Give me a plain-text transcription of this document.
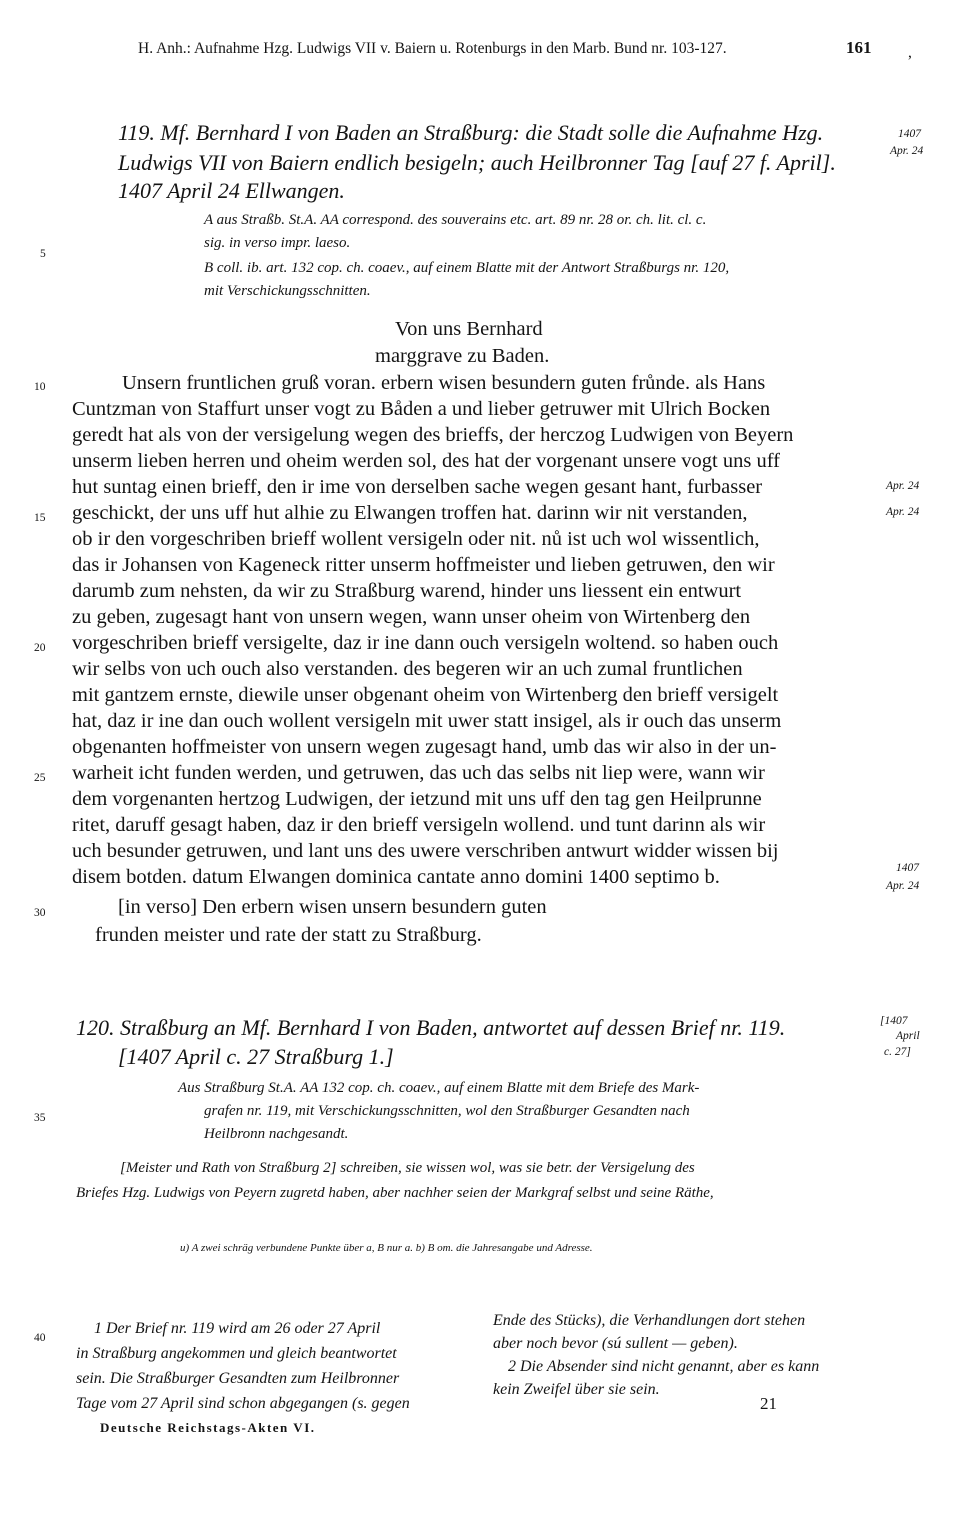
H. Anh.: Aufnahme Hzg. Ludwigs VII v. Baiern u. Rotenburgs in den Marb. Bund nr. 103-127.	161 ,
119. Mf. Bernhard I von Baden an Straßburg: die Stadt solle die Aufnahme Hzg.
Ludwigs VII von Baiern endlich besigeln; auch Heilbronner Tag [auf 27 f. April].
1407 April 24 Ellwangen.
1407
Apr. 24
A aus Straßb. St.A. AA correspond. des souverains etc. art. 89 nr. 28 or. ch. lit. cl. c.
sig. in verso impr. laeso.
B coll. ib. art. 132 cop. ch. coaev., auf einem Blatte mit der Antwort Straßburgs nr. 120,
mit Verschickungsschnitten.
Von uns Bernhard
marggrave zu Baden.
Unsern fruntlichen gruß voran. erbern wisen besundern guten frůnde. als Hans
Cuntzman von Staffurt unser vogt zu Båden a und lieber getruwer mit Ulrich Bocken
geredt hat als von der versigelung wegen des brieffs, der herczog Ludwigen von Beyern
unserm lieben herren und oheim werden sol, des hat der vorgenant unsere vogt uns uff
hut suntag einen brieff, den ir ime von derselben sache wegen gesant hant, furbasser
geschickt, der uns uff hut alhie zu Elwangen troffen hat. darinn wir nit verstanden,
ob ir den vorgeschriben brieff wollent versigeln oder nit. nů ist uch wol wissentlich,
das ir Johansen von Kageneck ritter unserm hoffmeister und lieben getruwen, den wir
darumb zum nehsten, da wir zu Straßburg warend, hinder uns liessent ein entwurt
zu geben, zugesagt hant von unsern wegen, wann unser oheim von Wirtenberg den
vorgeschriben brieff versigelte, daz ir ine dann ouch versigeln woltend. so haben ouch
wir selbs von uch ouch also verstanden. des begeren wir an uch zumal fruntlichen
mit gantzem ernste, diewile unser obgenant oheim von Wirtenberg den brieff versigelt
hat, daz ir ine dan ouch wollent versigeln mit uwer statt insigel, als ir ouch das unserm
obgenanten hoffmeister von unsern wegen zugesagt hand, umb das wir also in der un-
warheit icht funden werden, und getruwen, das uch das selbs nit liep were, wann wir
dem vorgenanten hertzog Ludwigen, der ietzund mit uns uff den tag gen Heilprunne
ritet, daruff gesagt haben, daz ir den brieff versigeln wollend. und tunt darinn als wir
uch besunder getruwen, und lant uns des uwere verschriben antwurt widder wissen bij
disem botden. datum Elwangen dominica cantate anno domini 1400 septimo b.
[in verso] Den erbern wisen unsern besundern guten
frunden meister und rate der statt zu Straßburg.
Apr. 24
Apr. 24
1407
Apr. 24
120. Straßburg an Mf. Bernhard I von Baden, antwortet auf dessen Brief nr. 119.
[1407 April c. 27 Straßburg 1.]
[1407
April
c. 27]
Aus Straßburg St.A. AA 132 cop. ch. coaev., auf einem Blatte mit dem Briefe des Mark-
grafen nr. 119, mit Verschickungsschnitten, wol den Straßburger Gesandten nach
Heilbronn nachgesandt.
[Meister und Rath von Straßburg 2] schreiben, sie wissen wol, was sie betr. der Versigelung des
Briefes Hzg. Ludwigs von Peyern zugretd haben, aber nachher seien der Markgraf selbst und seine Räthe,
u) A zwei schräg verbundene Punkte über a, B nur a. b) B om. die Jahresangabe und Adresse.
1 Der Brief nr. 119 wird am 26 oder 27 April
in Straßburg angekommen und gleich beantwortet
sein. Die Straßburger Gesandten zum Heilbronner
Tage vom 27 April sind schon abgegangen (s. gegen
Ende des Stücks), die Verhandlungen dort stehen
aber noch bevor (sú sullent — geben).
2 Die Absender sind nicht genannt, aber es kann
kein Zweifel über sie sein.
Deutsche Reichstags-Akten VI.
21
5
10
15
20
25
30
35
40
